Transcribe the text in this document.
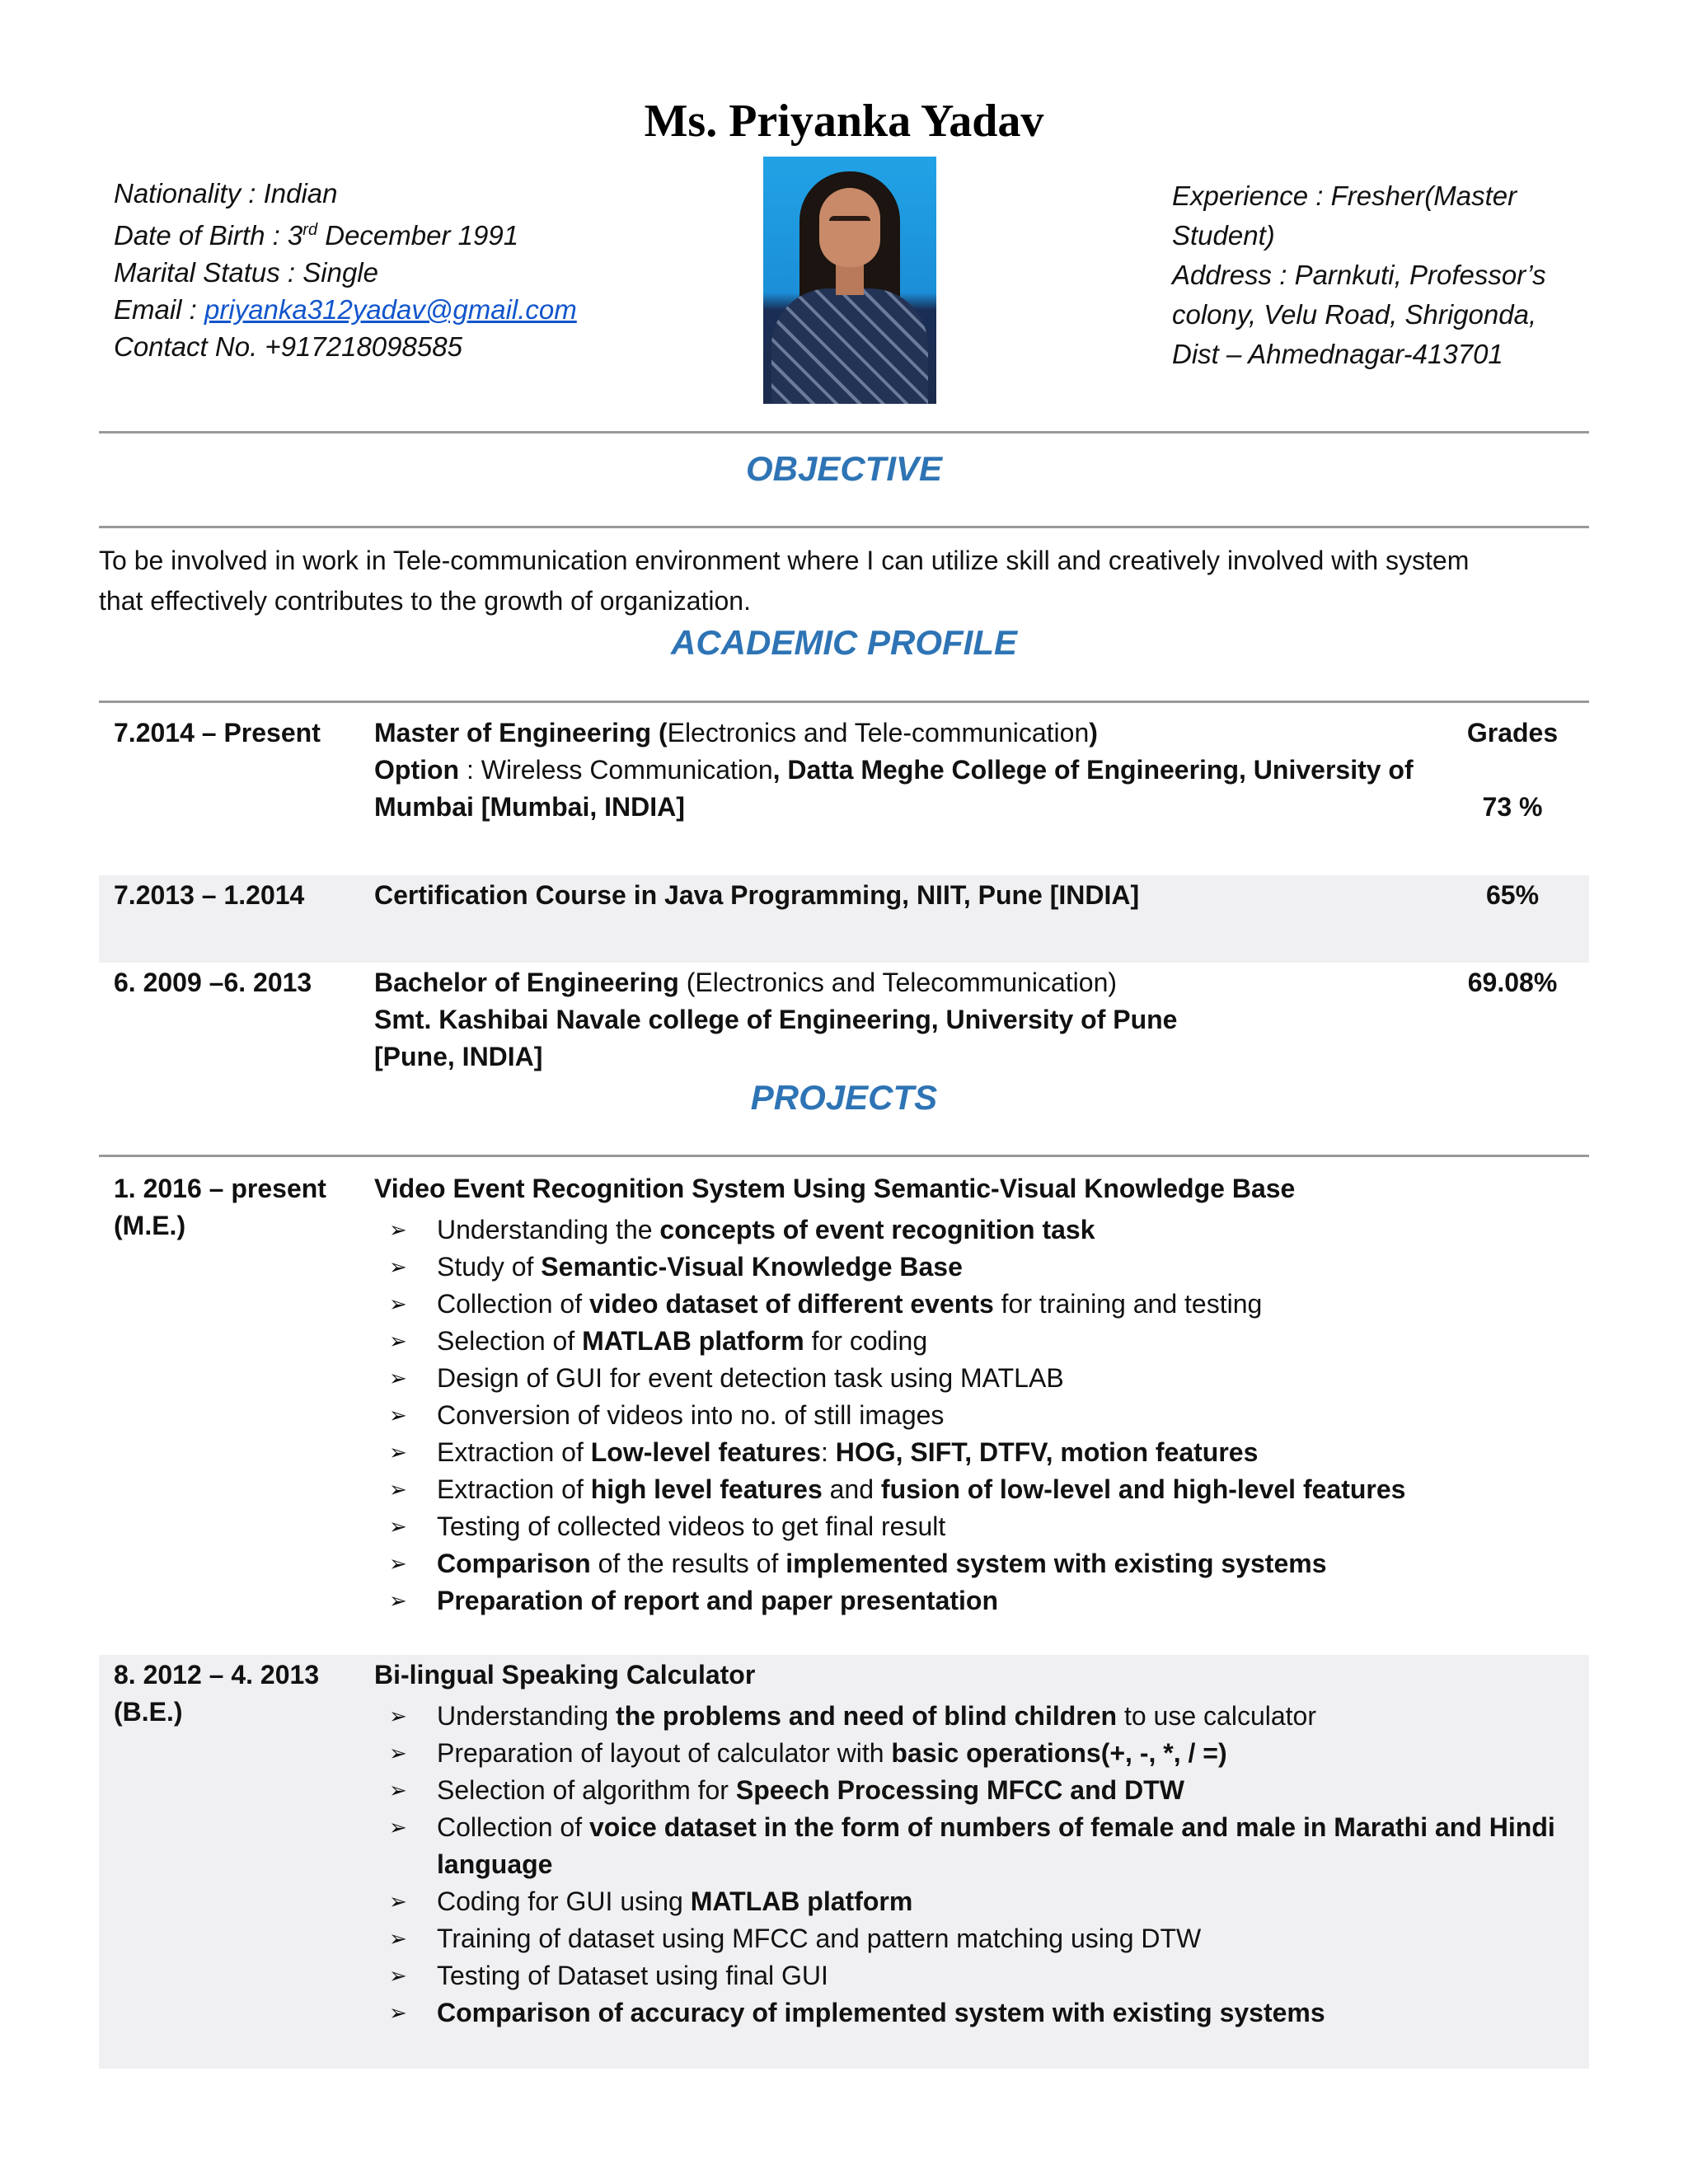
Ms. Priyanka Yadav
Nationality : Indian
Date of Birth : 3rd December 1991
Marital Status : Single
Email : priyanka312yadav@gmail.com
Contact No. +917218098585
Experience : Fresher(Master
Student)
Address : Parnkuti, Professor’s
colony, Velu Road, Shrigonda,
Dist – Ahmednagar-413701
OBJECTIVE
To be involved in work in Tele-communication environment where I can utilize skill and creatively involved with system
that effectively contributes to the growth of organization.
ACADEMIC PROFILE
7.2014 – Present Master of Engineering (Electronics and Tele-communication)
Option : Wireless Communication, Datta Meghe College of Engineering, University of
Mumbai [Mumbai, INDIA]
Grades
73 %
7.2013 – 1.2014	Certification Course in Java Programming, NIIT, Pune [INDIA]	65%
6. 2009 –6. 2013 Bachelor of Engineering (Electronics and Telecommunication)
Smt. Kashibai Navale college of Engineering, University of Pune
[Pune, INDIA]
69.08%
PROJECTS
1. 2016 – present
(M.E.)
Video Event Recognition System Using Semantic-Visual Knowledge Base
➢ Understanding the concepts of event recognition task
➢ Study of Semantic-Visual Knowledge Base
➢ Collection of video dataset of different events for training and testing
➢ Selection of MATLAB platform for coding
➢ Design of GUI for event detection task using MATLAB
➢ Conversion of videos into no. of still images
➢ Extraction of Low-level features: HOG, SIFT, DTFV, motion features
➢ Extraction of high level features and fusion of low-level and high-level features
➢ Testing of collected videos to get final result
➢ Comparison of the results of implemented system with existing systems
➢ Preparation of report and paper presentation
8. 2012 – 4. 2013
(B.E.)
Bi-lingual Speaking Calculator
➢ Understanding the problems and need of blind children to use calculator
➢ Preparation of layout of calculator with basic operations(+, -, *, / =)
➢ Selection of algorithm for Speech Processing MFCC and DTW
➢ Collection of voice dataset in the form of numbers of female and male in Marathi and Hindi language
➢ Coding for GUI using MATLAB platform
➢ Training of dataset using MFCC and pattern matching using DTW
➢ Testing of Dataset using final GUI
➢ Comparison of accuracy of implemented system with existing systems
